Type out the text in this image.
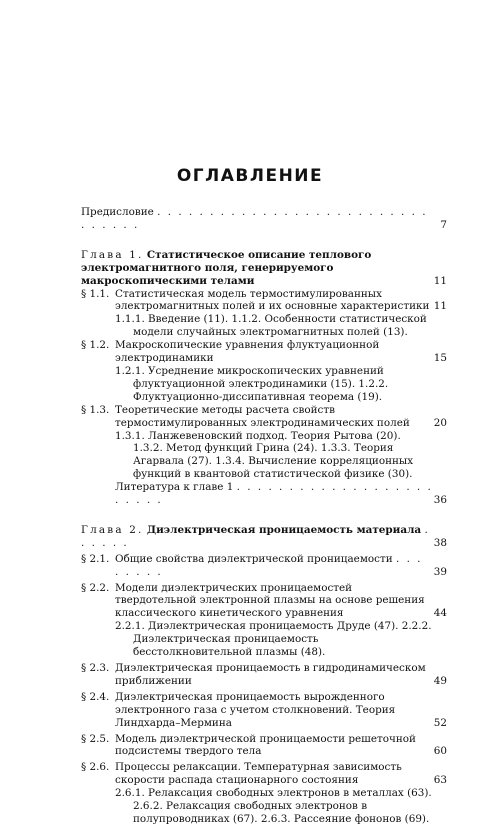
ОГЛАВЛЕНИЕ
Предисловие . . . . . . . . . . . . . . . . . . . . . . . . . . . . . . . .	7
Глава 1. Статистическое описание теплового электромагнитного поля, генерируемого макроскопическими телами	11
§ 1.1. Статистическая модель термостимулированных электромагнитных полей и их основные характеристики 11
1.1.1. Введение (11). 1.1.2. Особенности статистической модели случайных электромагнитных полей (13).
§ 1.2. Макроскопические уравнения флуктуационной электродинамики	15
1.2.1. Усреднение микроскопических уравнений флуктуационной электродинамики (15). 1.2.2. Флуктуационно-диссипативная теорема (19).
§ 1.3. Теоретические методы расчета свойств термостимулированных электродинамических полей 20
1.3.1. Ланжевеновский подход. Теория Рытова (20). 1.3.2. Метод функций Грина (24). 1.3.3. Теория Агарвала (27). 1.3.4. Вычисление корреляционных функций в квантовой статистической физике (30).
Литература к главе 1 . . . . . . . . . . . . . . . . . . . . . . . .	36
Глава 2. Диэлектрическая проницаемость материала . . . . . .	38
§ 2.1. Общие свойства диэлектрической проницаемости . . . . . . . .	39
§ 2.2. Модели диэлектрических проницаемостей твердотельной электронной плазмы на основе решения классического кинетического уравнения	44
2.2.1. Диэлектрическая проницаемость Друде (47). 2.2.2. Диэлектрическая проницаемость бесстолкновительной плазмы (48).
§ 2.3. Диэлектрическая проницаемость в гидродинамическом приближении	49
§ 2.4. Диэлектрическая проницаемость вырожденного электронного газа с учетом столкновений. Теория Линдхарда–Мермина	52
§ 2.5. Модель диэлектрической проницаемости решеточной подсистемы твердого тела	60
§ 2.6. Процессы релаксации. Температурная зависимость скорости распада стационарного состояния	63
2.6.1. Релаксация свободных электронов в металлах (63). 2.6.2. Релаксация свободных электронов в полупроводниках (67). 2.6.3. Рассеяние фононов (69).
